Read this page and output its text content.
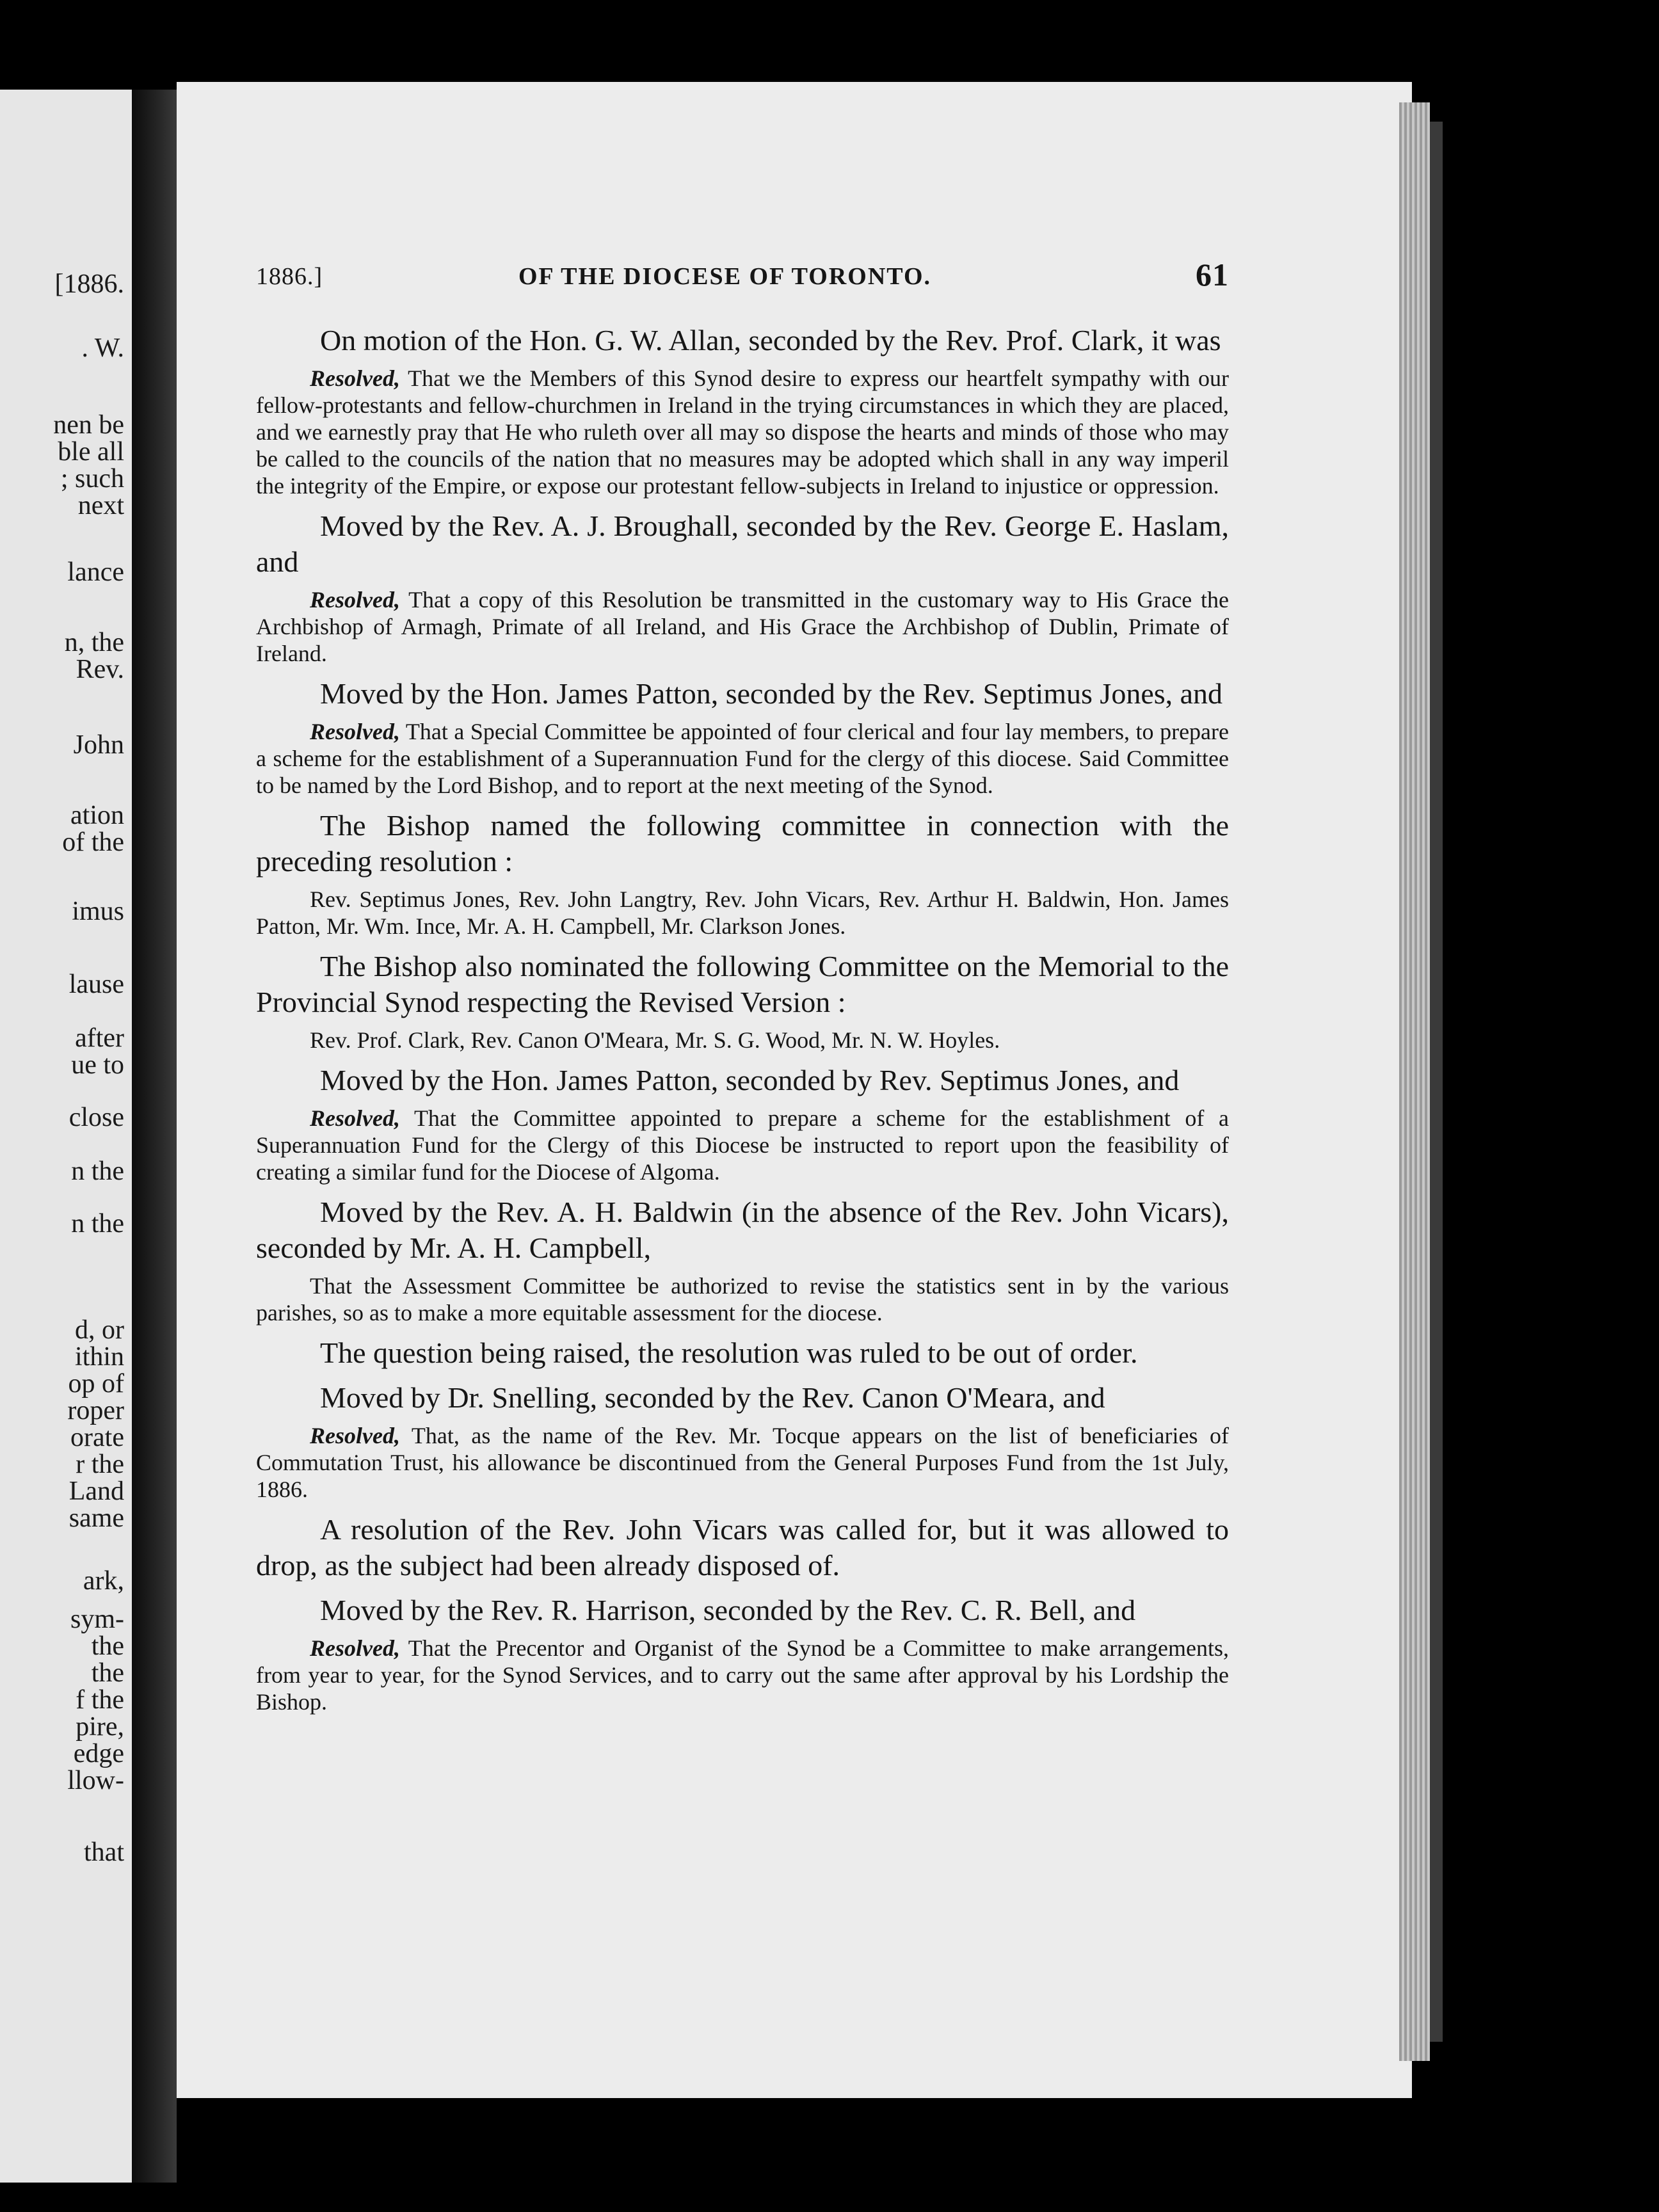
[1886.
. W.
nen be
ble all
; such
next
lance
n, the
Rev.
John
ation
of the
imus
lause
after
ue to
close
n the
n the
d, or
ithin
op of
roper
orate
r the
Land
same
ark,
sym-
the
the
f the
pire,
edge
llow-
that
1886.]	OF THE DIOCESE OF TORONTO.	61

On motion of the Hon. G. W. Allan, seconded by the Rev. Prof. Clark, it was

Resolved, That we the Members of this Synod desire to express our heartfelt sympathy with our fellow-protestants and fellow-churchmen in Ireland in the trying circumstances in which they are placed, and we earnestly pray that He who ruleth over all may so dispose the hearts and minds of those who may be called to the councils of the nation that no measures may be adopted which shall in any way imperil the integrity of the Empire, or expose our protestant fellow-subjects in Ireland to injustice or oppression.

Moved by the Rev. A. J. Broughall, seconded by the Rev. George E. Haslam, and

Resolved, That a copy of this Resolution be transmitted in the customary way to His Grace the Archbishop of Armagh, Primate of all Ireland, and His Grace the Archbishop of Dublin, Primate of Ireland.

Moved by the Hon. James Patton, seconded by the Rev. Septimus Jones, and

Resolved, That a Special Committee be appointed of four clerical and four lay members, to prepare a scheme for the establishment of a Superannuation Fund for the clergy of this diocese. Said Committee to be named by the Lord Bishop, and to report at the next meeting of the Synod.

The Bishop named the following committee in connection with the preceding resolution :

Rev. Septimus Jones, Rev. John Langtry, Rev. John Vicars, Rev. Arthur H. Baldwin, Hon. James Patton, Mr. Wm. Ince, Mr. A. H. Campbell, Mr. Clarkson Jones.

The Bishop also nominated the following Committee on the Memorial to the Provincial Synod respecting the Revised Version :

Rev. Prof. Clark, Rev. Canon O'Meara, Mr. S. G. Wood, Mr. N. W. Hoyles.

Moved by the Hon. James Patton, seconded by Rev. Septimus Jones, and

Resolved, That the Committee appointed to prepare a scheme for the establishment of a Superannuation Fund for the Clergy of this Diocese be instructed to report upon the feasibility of creating a similar fund for the Diocese of Algoma.

Moved by the Rev. A. H. Baldwin (in the absence of the Rev. John Vicars), seconded by Mr. A. H. Campbell,

That the Assessment Committee be authorized to revise the statistics sent in by the various parishes, so as to make a more equitable assessment for the diocese.

The question being raised, the resolution was ruled to be out of order.

Moved by Dr. Snelling, seconded by the Rev. Canon O'Meara, and

Resolved, That, as the name of the Rev. Mr. Tocque appears on the list of beneficiaries of Commutation Trust, his allowance be discontinued from the General Purposes Fund from the 1st July, 1886.

A resolution of the Rev. John Vicars was called for, but it was allowed to drop, as the subject had been already disposed of.

Moved by the Rev. R. Harrison, seconded by the Rev. C. R. Bell, and

Resolved, That the Precentor and Organist of the Synod be a Committee to make arrangements, from year to year, for the Synod Services, and to carry out the same after approval by his Lordship the Bishop.
